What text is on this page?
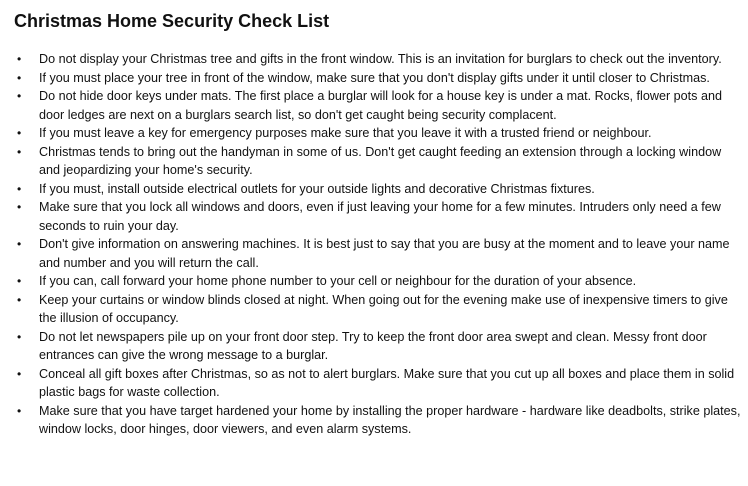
Christmas Home Security Check List
• Do not display your Christmas tree and gifts in the front window. This is an invitation for burglars to check out the inventory.
• If you must place your tree in front of the window, make sure that you don't display gifts under it until closer to Christmas.
• Do not hide door keys under mats. The first place a burglar will look for a house key is under a mat. Rocks, flower pots and door ledges are next on a burglars search list, so don't get caught being security complacent.
• If you must leave a key for emergency purposes make sure that you leave it with a trusted friend or neighbour.
• Christmas tends to bring out the handyman in some of us. Don't get caught feeding an extension through a locking window and jeopardizing your home's security.
• If you must, install outside electrical outlets for your outside lights and decorative Christmas fixtures.
• Make sure that you lock all windows and doors, even if just leaving your home for a few minutes. Intruders only need a few seconds to ruin your day.
• Don't give information on answering machines. It is best just to say that you are busy at the moment and to leave your name and number and you will return the call.
• If you can, call forward your home phone number to your cell or neighbour for the duration of your absence.
• Keep your curtains or window blinds closed at night. When going out for the evening make use of inexpensive timers to give the illusion of occupancy.
• Do not let newspapers pile up on your front door step. Try to keep the front door area swept and clean. Messy front door entrances can give the wrong message to a burglar.
• Conceal all gift boxes after Christmas, so as not to alert burglars. Make sure that you cut up all boxes and place them in solid plastic bags for waste collection.
• Make sure that you have target hardened your home by installing the proper hardware - hardware like deadbolts, strike plates, window locks, door hinges, door viewers, and even alarm systems.
